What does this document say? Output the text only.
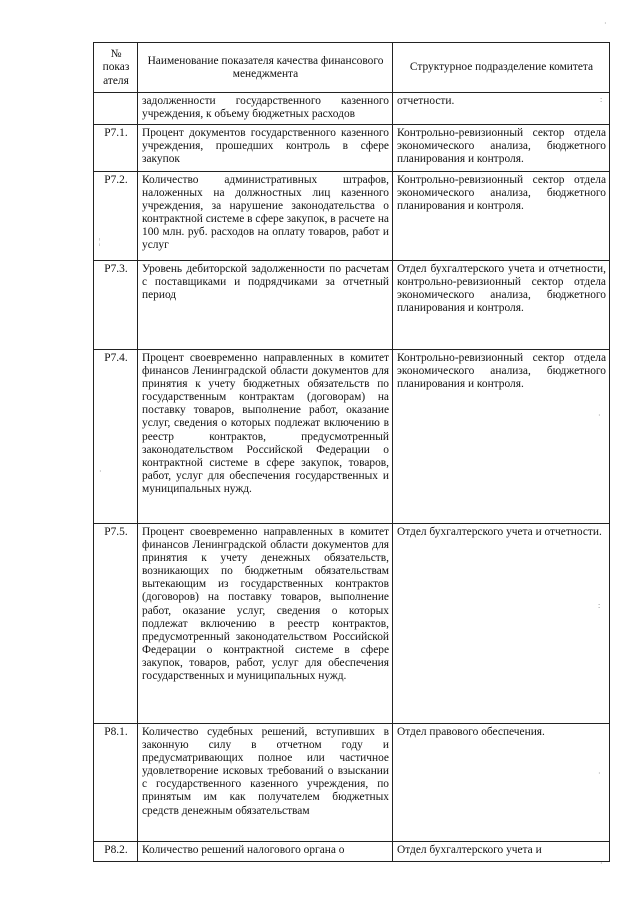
№ показ ателя	Наименование показателя качества финансового менеджмента	Структурное подразделение комитета
	задолженности государственного казенного учреждения, к объему бюджетных расходов	отчетности.
Р7.1.	Процент документов государственного казенного учреждения, прошедших контроль в сфере закупок	Контрольно-ревизионный сектор отдела экономического анализа, бюджетного планирования и контроля.
Р7.2.	Количество административных штрафов, наложенных на должностных лиц казенного учреждения, за нарушение законодательства о контрактной системе в сфере закупок, в расчете на 100 млн. руб. расходов на оплату товаров, работ и услуг	Контрольно-ревизионный сектор отдела экономического анализа, бюджетного планирования и контроля.
Р7.3.	Уровень дебиторской задолженности по расчетам с поставщиками и подрядчиками за отчетный период	Отдел бухгалтерского учета и отчетности, контрольно-ревизионный сектор отдела экономического анализа, бюджетного планирования и контроля.
Р7.4.	Процент своевременно направленных в комитет финансов Ленинградской области документов для принятия к учету бюджетных обязательств по государственным контрактам (договорам) на поставку товаров, выполнение работ, оказание услуг, сведения о которых подлежат включению в реестр контрактов, предусмотренный законодательством Российской Федерации о контрактной системе в сфере закупок, товаров, работ, услуг для обеспечения государственных и муниципальных нужд.	Контрольно-ревизионный сектор отдела экономического анализа, бюджетного планирования и контроля.
Р7.5.	Процент своевременно направленных в комитет финансов Ленинградской области документов для принятия к учету денежных обязательств, возникающих по бюджетным обязательствам вытекающим из государственных контрактов (договоров) на поставку товаров, выполнение работ, оказание услуг, сведения о которых подлежат включению в реестр контрактов, предусмотренный законодательством Российской Федерации о контрактной системе в сфере закупок, товаров, работ, услуг для обеспечения государственных и муниципальных нужд.	Отдел бухгалтерского учета и отчетности.
Р8.1.	Количество судебных решений, вступивших в законную силу в отчетном году и предусматривающих полное или частичное удовлетворение исковых требований о взыскании с государственного казенного учреждения, по принятым им как получателем бюджетных средств денежным обязательствам	Отдел правового обеспечения.
Р8.2.	Количество решений налогового органа о	Отдел бухгалтерского учета и
·
:
¦
·
·
:
·
·
